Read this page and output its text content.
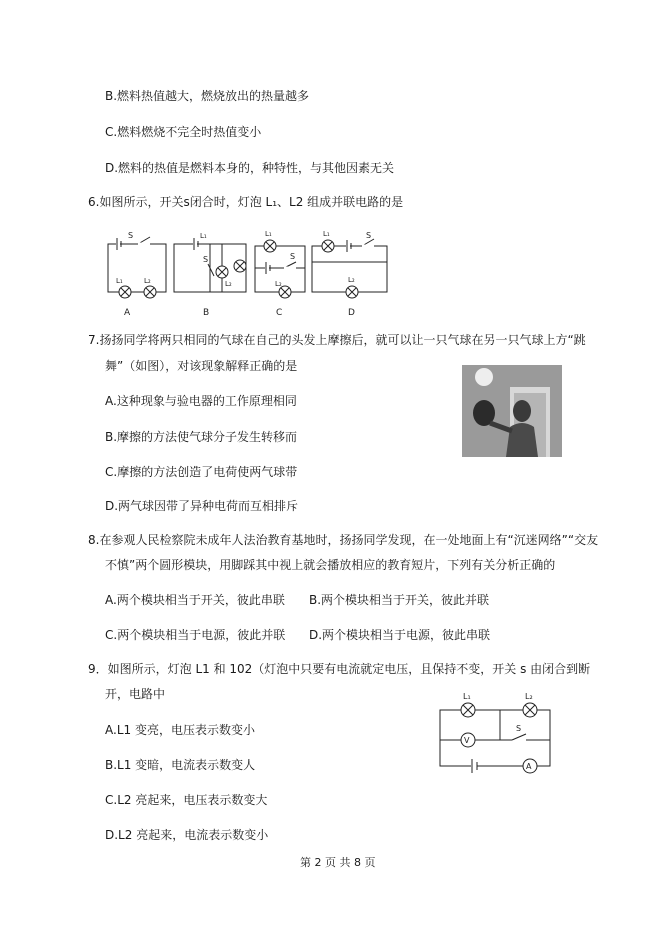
B.燃料热值越大，燃烧放出的热量越多
C.燃料燃烧不完全时热值变小
D.燃料的热值是燃料本身的，种特性，与其他因素无关
6.如图所示，开关s闭合时，灯泡 L₁、L2 组成并联电路的是
S
L₁	L₂
S
L₁
L₂
L₁
S
L₂
L₁	S
L₂
A	B	C	D
7.扬扬同学将两只相同的气球在自己的头发上摩擦后，就可以让一只气球在另一只气球上方“跳
舞”（如图），对该现象解释正确的是
A.这种现象与验电器的工作原理相同
B.摩擦的方法使气球分子发生转移而
C.摩擦的方法创造了电荷使两气球带
D.两气球因带了异种电荷而互相排斥
8.在参观人民检察院未成年人法治教育基地时，扬扬同学发现，在一处地面上有“沉迷网络”“交友
不慎”两个圆形模块，用脚踩其中视上就会播放相应的教育短片，下列有关分析正确的
A.两个模块相当于开关，彼此串联 B.两个模块相当于开关，彼此并联
C.两个模块相当于电源，彼此并联 D.两个模块相当于电源，彼此串联
9．如图所示，灯泡 L1 和 102（灯泡中只要有电流就定电压，且保持不变，开关 s 由闭合到断
开，电路中
A.L1 变亮，电压表示数变小
B.L1 变暗，电流表示数变人
C.L2 亮起来，电压表示数变大
D.L2 亮起来，电流表示数变小
V
A
S
L₁	L₂
第 2 页 共 8 页
